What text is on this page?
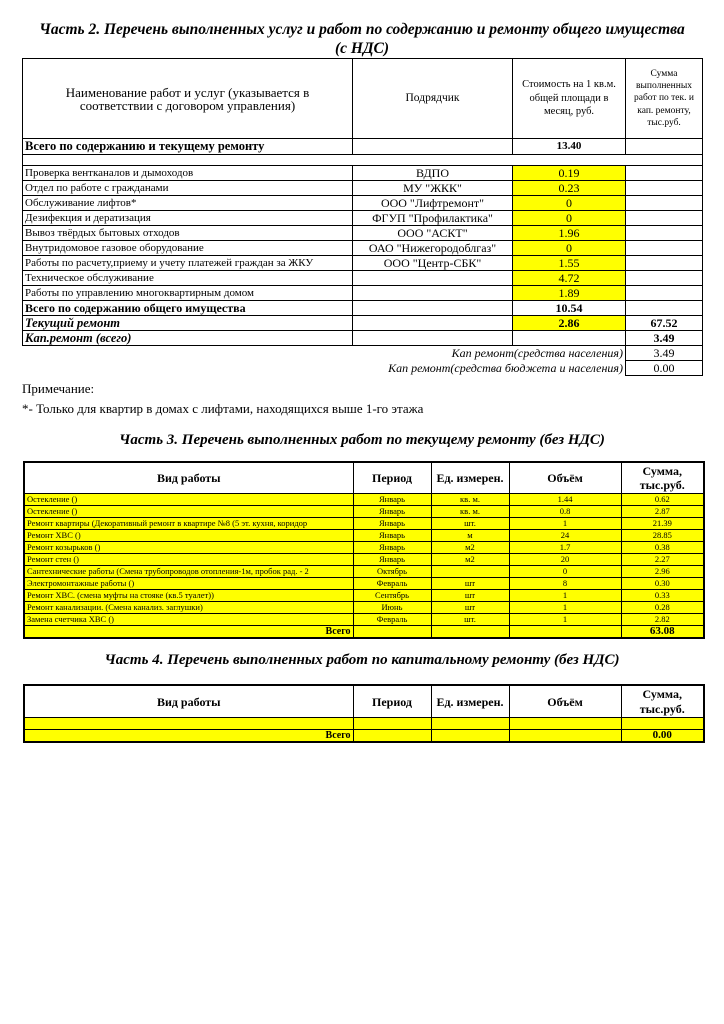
Часть 2. Перечень выполненных услуг и работ по содержанию и ремонту общего имущества
(с НДС)
Наименование работ и услуг (указывается в соответствии с договором управления)	Подрядчик	Стоимость на 1 кв.м. общей площади в месяц, руб.	Сумма выполненных работ по тек. и кап. ремонту, тыс.руб.
Всего по содержанию и текущему ремонту		13.40	

Проверка вентканалов и дымоходов	ВДПО	0.19	
Отдел по работе с гражданами	МУ "ЖКК"	0.23	
Обслуживание лифтов*	ООО "Лифтремонт"	0	
Дезифекция и дератизация	ФГУП "Профилактика"	0	
Вывоз твёрдых бытовых отходов	ООО "АСКТ"	1.96	
Внутридомовое газовое оборудование	ОАО "Нижегородоблгаз"	0	
Работы по расчету,приему и учету платежей граждан за ЖКУ	ООО "Центр-СБК"	1.55	
Техническое обслуживание		4.72	
Работы по управлению многоквартирным домом		1.89	
Всего по содержанию общего имущества		10.54	
Текущий ремонт		2.86	67.52
Кап.ремонт (всего)			3.49
Кап ремонт(средства населения)			3.49
Кап ремонт(средства бюджета и населения)			0.00
Примечание:
*- Только для квартир в домах с лифтами, находящихся выше 1-го этажа
Часть 3. Перечень выполненных работ по текущему ремонту (без НДС)
Вид работы	Период	Ед. измерен.	Объём	Сумма, тыс.руб.
Остекление ()	Январь	кв. м.	1.44	0.62
Остекление ()	Январь	кв. м.	0.8	2.87
Ремонт квартиры (Декоративный ремонт в квартире №8 (5 эт. кухня, коридор	Январь	шт.	1	21.39
Ремонт ХВС ()	Январь	м	24	28.85
Ремонт козырьков ()	Январь	м2	1.7	0.38
Ремонт стен ()	Январь	м2	20	2.27
Сантехнические работы (Смена трубопроводов отопления-1м, пробок рад. - 2	Октябрь		0	2.96
Электромонтажные работы ()	Февраль	шт	8	0.30
Ремонт ХВС. (смена муфты на стояке (кв.5 туалет))	Сентябрь	шт	1	0.33
Ремонт канализации. (Смена канализ. заглушки)	Июнь	шт	1	0.28
Замена счетчика ХВС ()	Февраль	шт.	1	2.82
Всего				63.08
Часть 4. Перечень выполненных работ по капитальному ремонту (без НДС)
Вид работы	Период	Ед. измерен.	Объём	Сумма, тыс.руб.

Всего				0.00
